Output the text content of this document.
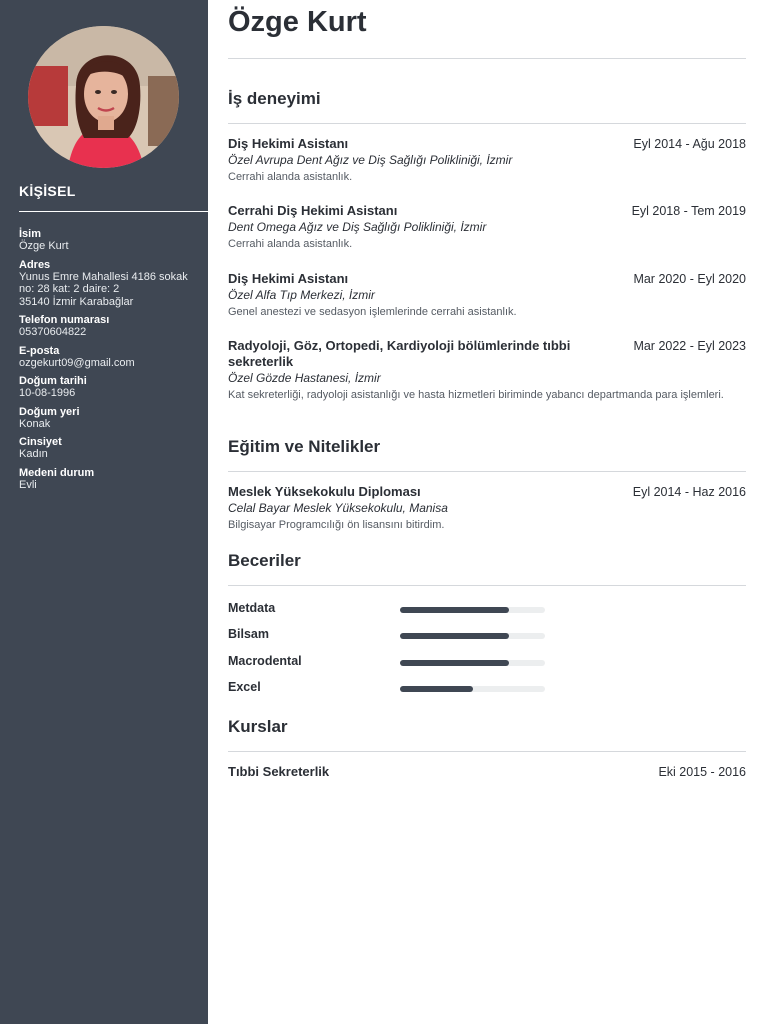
KİŞİSEL
İsim
Özge Kurt
Adres
Yunus Emre Mahallesi 4186 sokak
no: 28 kat: 2 daire: 2
35140 İzmir Karabağlar
Telefon numarası
05370604822
E-posta
ozgekurt09@gmail.com
Doğum tarihi
10-08-1996
Doğum yeri
Konak
Cinsiyet
Kadın
Medeni durum
Evli
Özge Kurt
İş deneyimi
Diş Hekimi Asistanı	Eyl 2014 - Ağu 2018
Özel Avrupa Dent Ağız ve Diş Sağlığı Polikliniği, İzmir
Cerrahi alanda asistanlık.
Cerrahi Diş Hekimi Asistanı	Eyl 2018 - Tem 2019
Dent Omega Ağız ve Diş Sağlığı Polikliniği, İzmir
Cerrahi alanda asistanlık.
Diş Hekimi Asistanı	Mar 2020 - Eyl 2020
Özel Alfa Tıp Merkezi, İzmir
Genel anestezi ve sedasyon işlemlerinde cerrahi asistanlık.
Radyoloji, Göz, Ortopedi, Kardiyoloji bölümlerinde tıbbi sekreterlik
Mar 2022 - Eyl 2023
Özel Gözde Hastanesi, İzmir
Kat sekreterliği, radyoloji asistanlığı ve hasta hizmetleri biriminde yabancı departmanda para işlemleri.
Eğitim ve Nitelikler
Meslek Yüksekokulu Diploması	Eyl 2014 - Haz 2016
Celal Bayar Meslek Yüksekokulu, Manisa
Bilgisayar Programcılığı ön lisansını bitirdim.
Beceriler
Metdata
Bilsam
Macrodental
Excel
Kurslar
Tıbbi Sekreterlik	Eki 2015 - 2016
